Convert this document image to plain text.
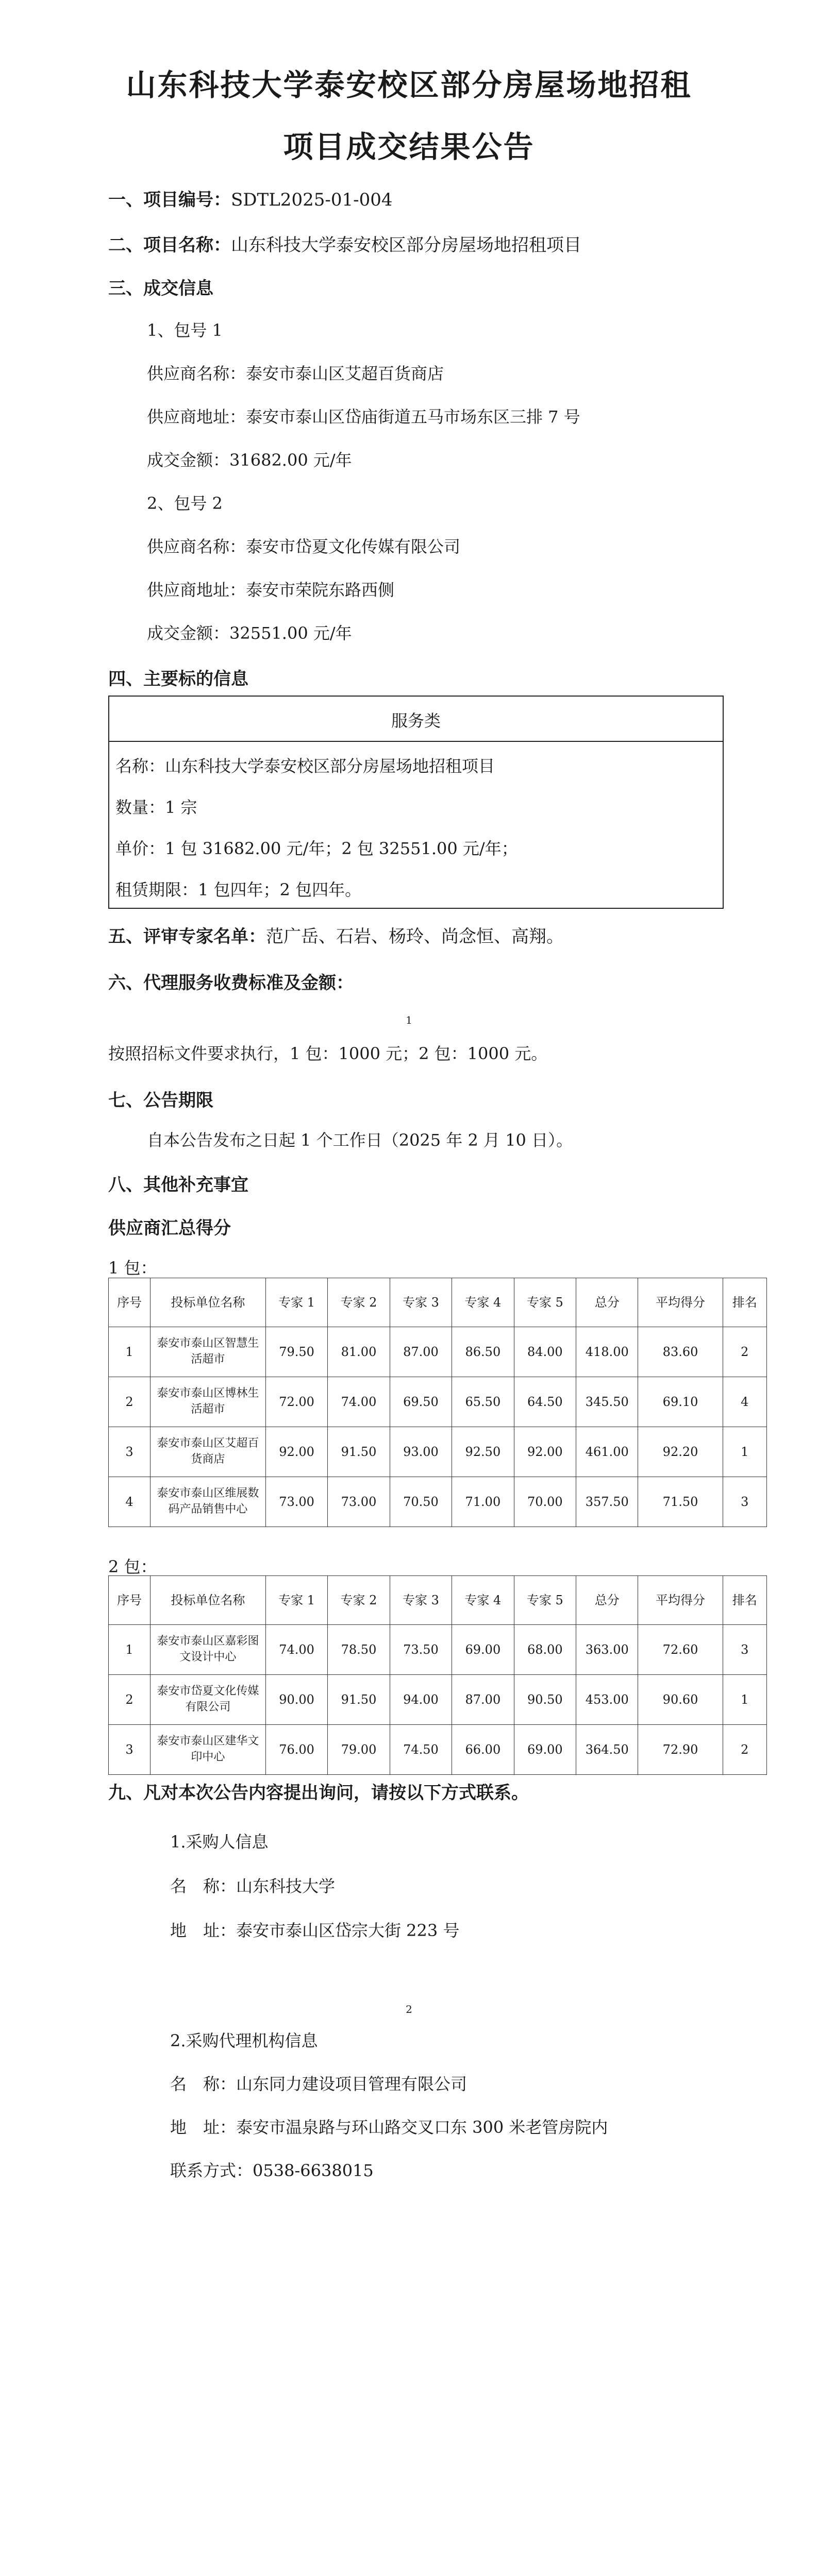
山东科技大学泰安校区部分房屋场地招租
项目成交结果公告
一、项目编号：SDTL2025-01-004
二、项目名称：山东科技大学泰安校区部分房屋场地招租项目
三、成交信息
1、包号 1
供应商名称：泰安市泰山区艾超百货商店
供应商地址：泰安市泰山区岱庙街道五马市场东区三排 7 号
成交金额：31682.00 元/年
2、包号 2
供应商名称：泰安市岱夏文化传媒有限公司
供应商地址：泰安市荣院东路西侧
成交金额：32551.00 元/年
四、主要标的信息
服务类
名称：山东科技大学泰安校区部分房屋场地招租项目
数量：1 宗
单价：1 包 31682.00 元/年；2 包 32551.00 元/年；
租赁期限：1 包四年；2 包四年。
五、评审专家名单：范广岳、石岩、杨玲、尚念恒、高翔。
六、代理服务收费标准及金额：
1
按照招标文件要求执行，1 包：1000 元；2 包：1000 元。
七、公告期限
自本公告发布之日起 1 个工作日（2025 年 2 月 10 日）。
八、其他补充事宜
供应商汇总得分
1 包：
序号	投标单位名称	专家 1	专家 2	专家 3	专家 4	专家 5	总分	平均得分	排名
1	泰安市泰山区智慧生活超市	79.50	81.00	87.00	86.50	84.00	418.00	83.60	2
2	泰安市泰山区博林生活超市	72.00	74.00	69.50	65.50	64.50	345.50	69.10	4
3	泰安市泰山区艾超百货商店	92.00	91.50	93.00	92.50	92.00	461.00	92.20	1
4	泰安市泰山区维展数码产品销售中心	73.00	73.00	70.50	71.00	70.00	357.50	71.50	3
2 包：
序号	投标单位名称	专家 1	专家 2	专家 3	专家 4	专家 5	总分	平均得分	排名
1	泰安市泰山区嘉彩图文设计中心	74.00	78.50	73.50	69.00	68.00	363.00	72.60	3
2	泰安市岱夏文化传媒有限公司	90.00	91.50	94.00	87.00	90.50	453.00	90.60	1
3	泰安市泰山区建华文印中心	76.00	79.00	74.50	66.00	69.00	364.50	72.90	2
九、凡对本次公告内容提出询问，请按以下方式联系。
1.采购人信息
名　称：山东科技大学
地　址：泰安市泰山区岱宗大街 223 号
2
2.采购代理机构信息
名　称：山东同力建设项目管理有限公司
地　址：泰安市温泉路与环山路交叉口东 300 米老管房院内
联系方式：0538-6638015
